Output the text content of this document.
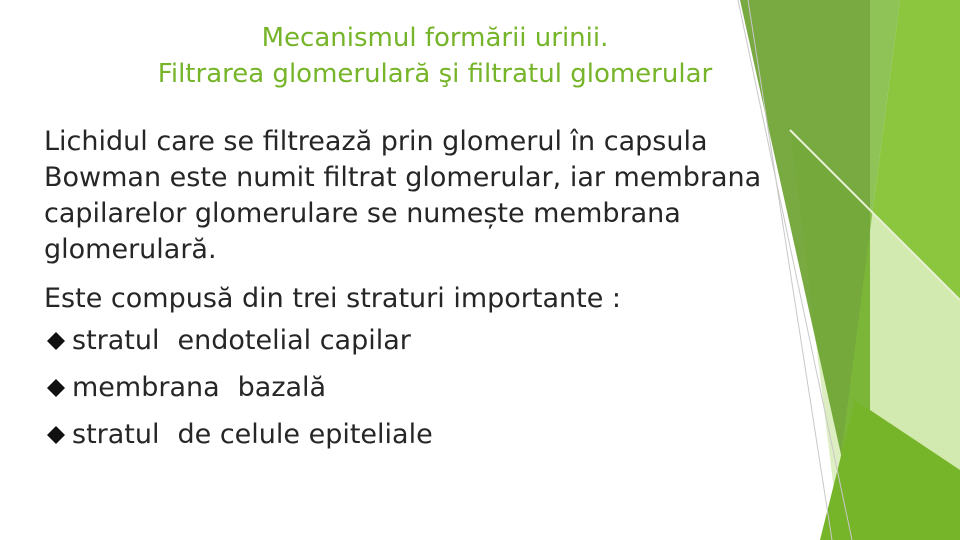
Mecanismul formării urinii.
Filtrarea glomerulară şi filtratul glomerular

Lichidul care se filtrează prin glomerul în capsula Bowman este numit filtrat glomerular, iar membrana capilarelor glomerulare se numește membrana glomerulară.

Este compusă din trei straturi importante :

stratul endotelial capilar
membrana bazală
stratul de celule epiteliale
